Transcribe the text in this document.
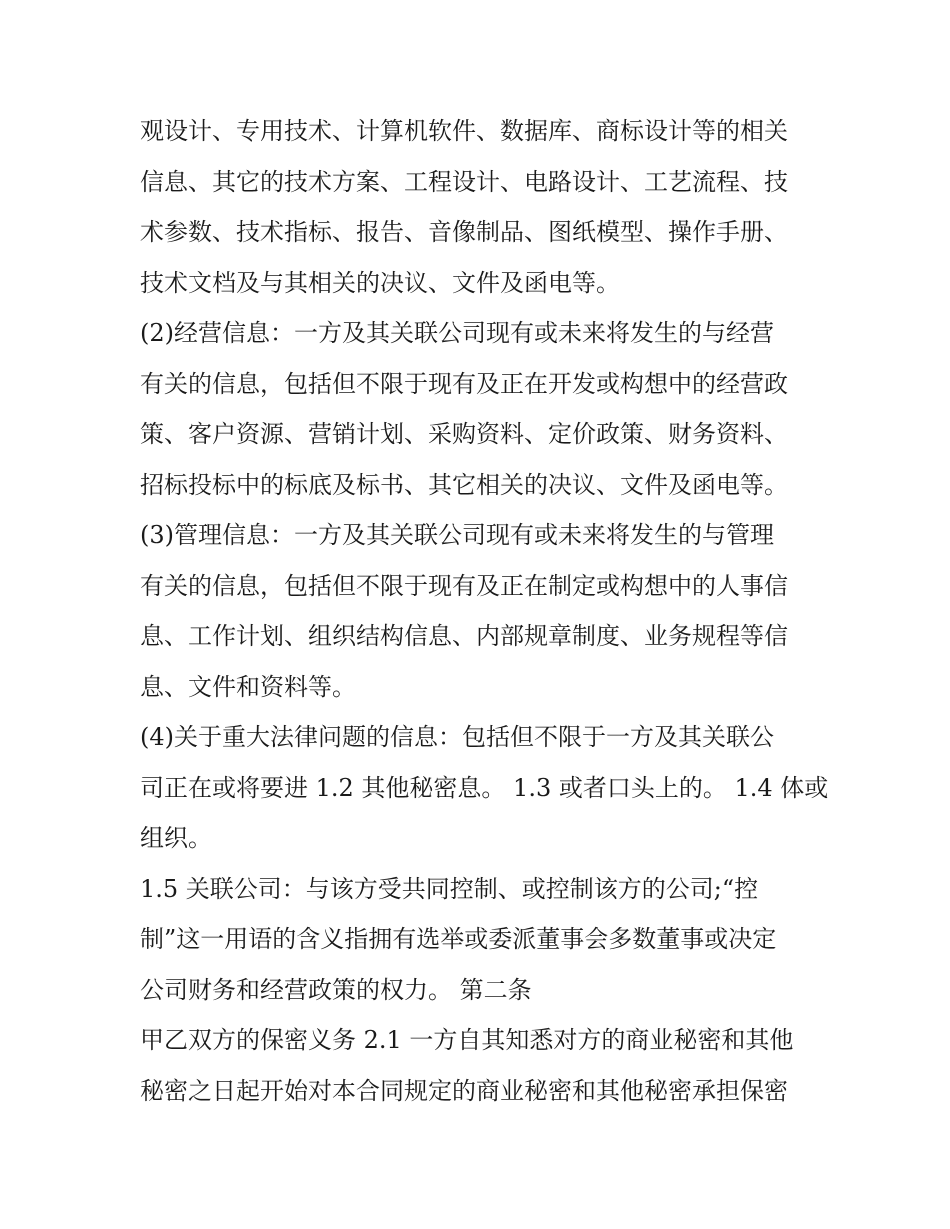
观设计、专用技术、计算机软件、数据库、商标设计等的相关
信息、其它的技术方案、工程设计、电路设计、工艺流程、技
术参数、技术指标、报告、音像制品、图纸模型、操作手册、
技术文档及与其相关的决议、文件及函电等。
(2)经营信息：一方及其关联公司现有或未来将发生的与经营
有关的信息，包括但不限于现有及正在开发或构想中的经营政
策、客户资源、营销计划、采购资料、定价政策、财务资料、
招标投标中的标底及标书、其它相关的决议、文件及函电等。
(3)管理信息：一方及其关联公司现有或未来将发生的与管理
有关的信息，包括但不限于现有及正在制定或构想中的人事信
息、工作计划、组织结构信息、内部规章制度、业务规程等信
息、文件和资料等。
(4)关于重大法律问题的信息：包括但不限于一方及其关联公
司正在或将要进 1.2 其他秘密息。 1.3 或者口头上的。 1.4 体或
组织。
1.5 关联公司：与该方受共同控制、或控制该方的公司;“控
制”这一用语的含义指拥有选举或委派董事会多数董事或决定
公司财务和经营政策的权力。 第二条
甲乙双方的保密义务 2.1 一方自其知悉对方的商业秘密和其他
秘密之日起开始对本合同规定的商业秘密和其他秘密承担保密
